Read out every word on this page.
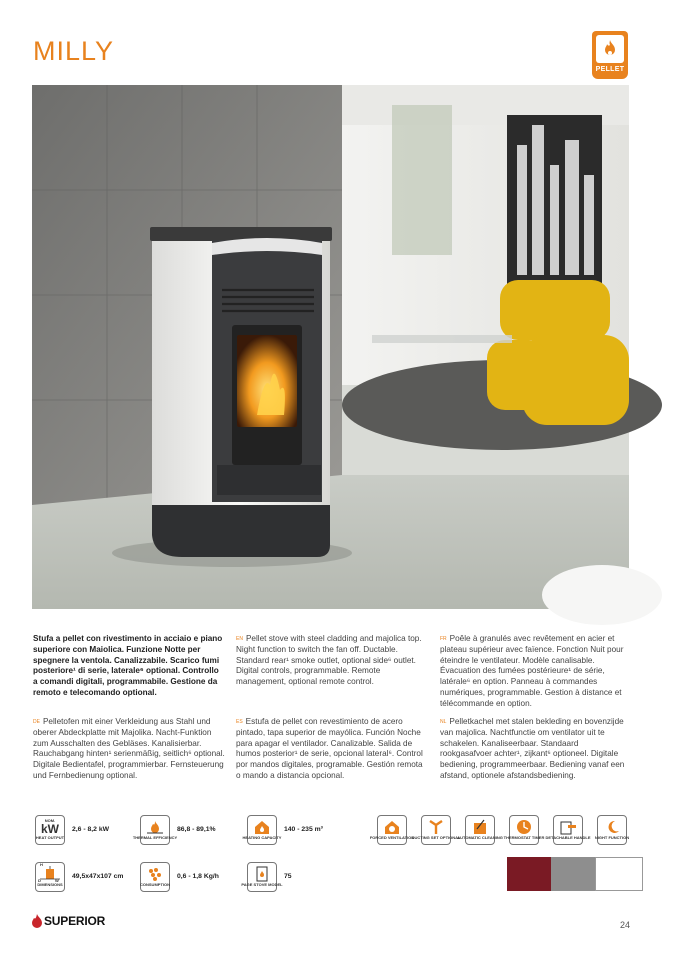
MILLY
PELLET
Stufa a pellet con rivestimento in acciaio e piano superiore con Maiolica. Funzione Notte per spegnere la ventola. Canalizzabile. Scarico fumi posteriore¹ di serie, laterale⁶ optional. Controllo a comandi digitali, programmabile. Gestione da remoto e telecomando optional.
$^{EN}$ Pellet stove with steel cladding and majolica top. Night function to switch the fan off. Ductable. Standard rear¹ smoke outlet, optional side⁶ outlet. Digital controls, programmable. Remote management, optional remote control.
$^{FR}$ Poêle à granulés avec revêtement en acier et plateau supérieur avec faïence. Fonction Nuit pour éteindre le ventilateur. Modèle canalisable. Évacuation des fumées postérieure¹ de série, latérale⁶ en option. Panneau à commandes numériques, programmable. Gestion à distance et télécommande en option.
$^{DE}$ Pelletofen mit einer Verkleidung aus Stahl und oberer Abdeckplatte mit Majolika. Nacht-Funktion zum Ausschalten des Gebläses. Kanalisierbar. Rauchabgang hinten¹ serienmäßig, seitlich⁶ optional. Digitale Bedientafel, programmierbar. Fernsteuerung und Fernbedienung optional.
$^{ES}$ Estufa de pellet con revestimiento de acero pintado, tapa superior de mayólica. Función Noche para apagar el ventilador. Canalizable. Salida de humos posterior¹ de serie, opcional lateral⁶. Control por mandos digitales, programable. Gestión remota o mando a distancia opcional.
$^{NL}$ Pelletkachel met stalen bekleding en bovenzijde van majolica. Nachtfunctie om ventilator uit te schakelen. Kanaliseerbaar. Standaard rookgasafvoer achter¹, zijkant⁶ optioneel. Digitale bediening, programmeerbaar. Bediening vanaf een afstand, optionele afstandsbediening.
NOM.
kW
HEAT OUTPUT
2,6 - 8,2 kW
THERMAL EFFICIENCY
86,8 - 89,1%
HEATING CAPACITY
140 - 235 m³
DIMENSIONS
49,5x47x107 cm
H
W
D
CONSUMPTION
0,6 - 1,8 Kg/h
PAGE STOVE MODEL
75
FORCED VENTILATION
DUCTING SET OPTIONAL
AUTOMATIC CLEANING THERMOSTAT TIMER DETACHABLE HANDLE NIGHT FUNCTION
SUPERIOR	24
